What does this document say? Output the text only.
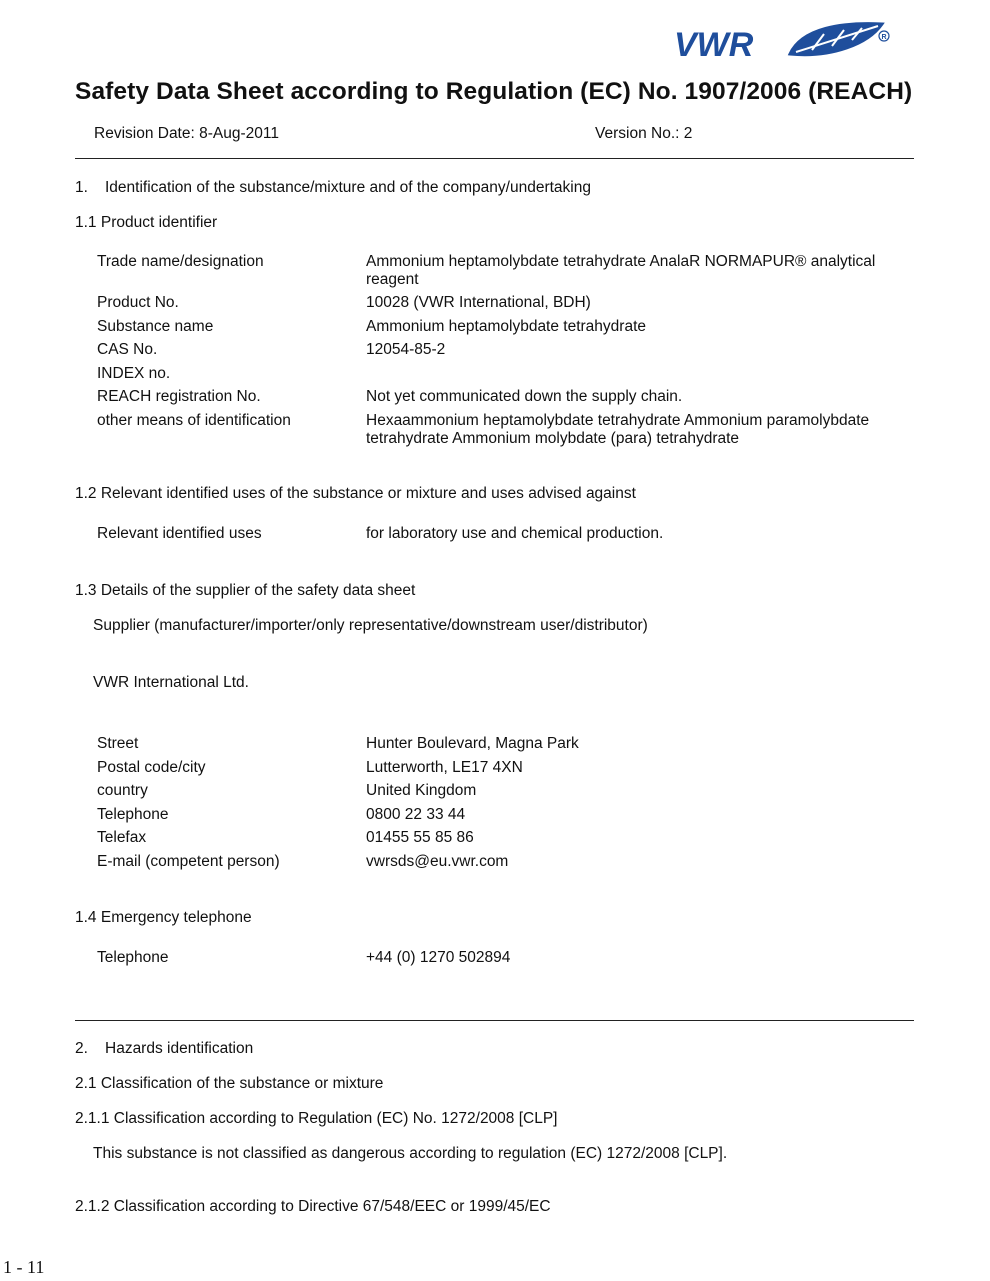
VWR	R
Safety Data Sheet according to Regulation (EC) No. 1907/2006 (REACH)
Revision Date: 8-Aug-2011	Version No.: 2
1. Identification of the substance/mixture and of the company/undertaking
1.1 Product identifier
Trade name/designation	Ammonium heptamolybdate tetrahydrate AnalaR NORMAPUR® analytical reagent
Product No.	10028 (VWR International, BDH)
Substance name	Ammonium heptamolybdate tetrahydrate
CAS No.	12054-85-2
INDEX no.
REACH registration No.	Not yet communicated down the supply chain.
other means of identification	Hexaammonium heptamolybdate tetrahydrate Ammonium paramolybdate tetrahydrate Ammonium molybdate (para) tetrahydrate
1.2 Relevant identified uses of the substance or mixture and uses advised against
Relevant identified uses	for laboratory use and chemical production.
1.3 Details of the supplier of the safety data sheet
Supplier (manufacturer/importer/only representative/downstream user/distributor)
VWR International Ltd.
Street	Hunter Boulevard, Magna Park
Postal code/city	Lutterworth, LE17 4XN
country	United Kingdom
Telephone	0800 22 33 44
Telefax	01455 55 85 86
E-mail (competent person)	vwrsds@eu.vwr.com
1.4 Emergency telephone
Telephone	+44 (0) 1270 502894
2. Hazards identification
2.1 Classification of the substance or mixture
2.1.1 Classification according to Regulation (EC) No. 1272/2008 [CLP]
This substance is not classified as dangerous according to regulation (EC) 1272/2008 [CLP].
2.1.2 Classification according to Directive 67/548/EEC or 1999/45/EC
1 - 11
